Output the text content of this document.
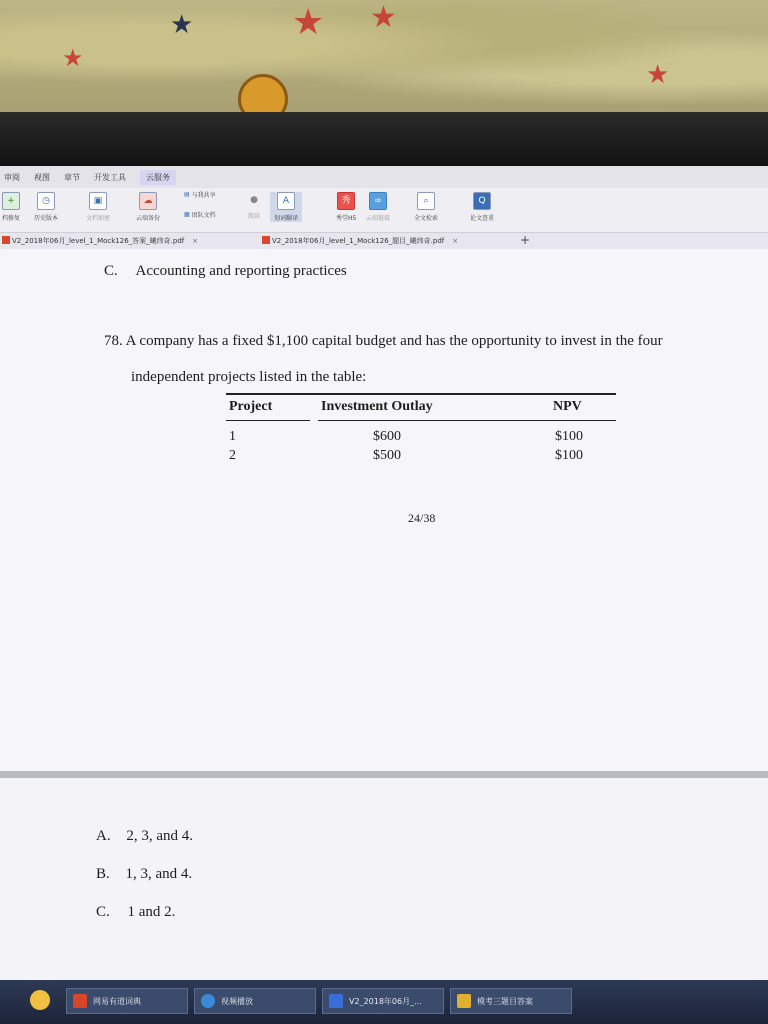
★	★ ★
★
★
审阅 视图 章节 开发工具	云服务
+
档修复
◷
历史版本
▣
文档加密
☁
云端备份
▤ 与我共享
▦ 团队文档
●
朗读
A
划词翻译
秀
秀堂H5
∞
云端链接
⌕
全文检索
Q
论文查重
V2_2018年06月_level_1_Mock126_答案_曦纬奇.pdf ×	V2_2018年06月_level_1_Mock126_题目_曦纬奇.pdf ×	+
C. Accounting and reporting practices
78. A company has a fixed $1,100 capital budget and has the opportunity to invest in the four
independent projects listed in the table:
Project	Investment Outlay	NPV
1	$600	$100
2	$500	$100
24/38
A. 2, 3, and 4.
B. 1, 3, and 4.
C. 1 and 2.
网易有道词典	视频播放	V2_2018年06月_...	模考三题目答案
